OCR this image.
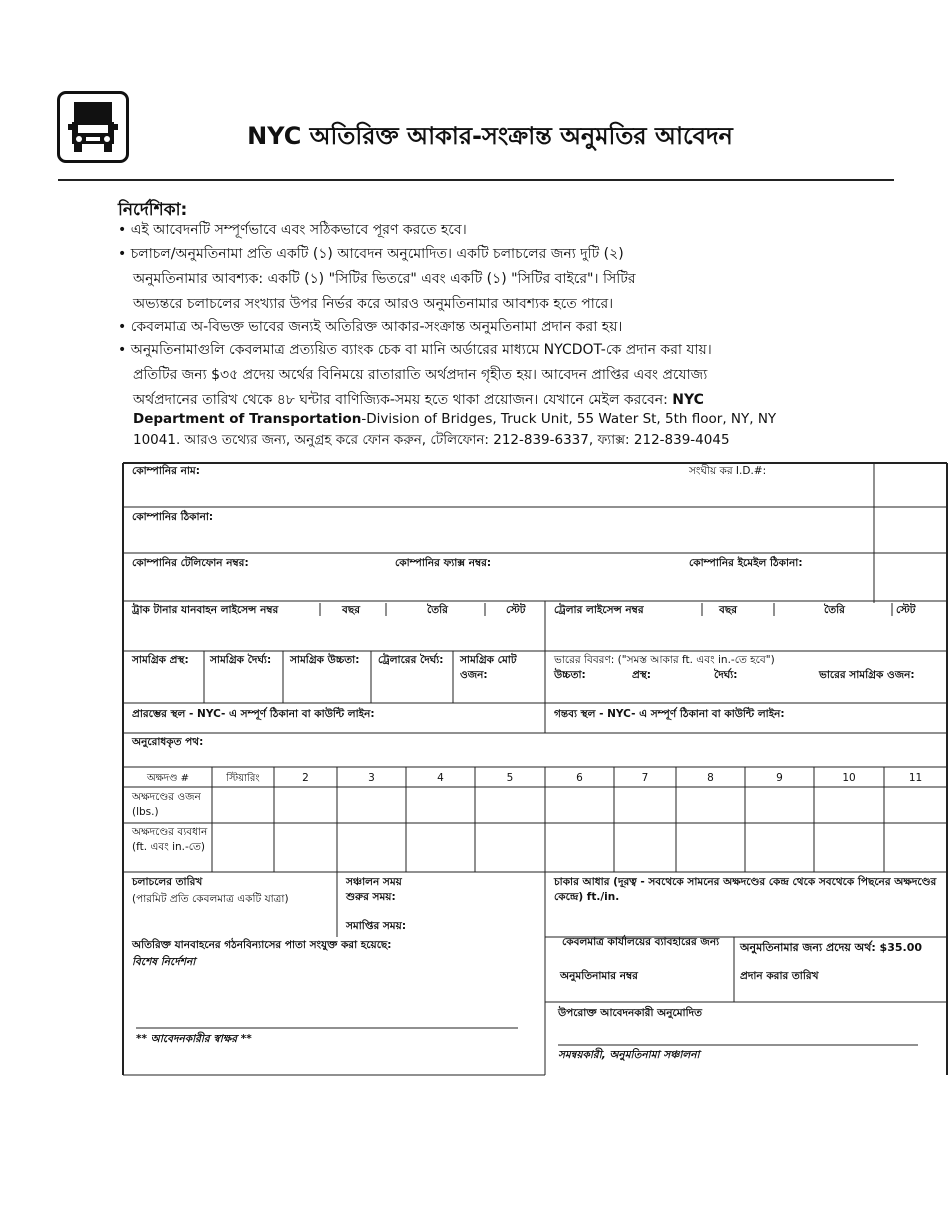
NYC অতিরিক্ত আকার-সংক্রান্ত অনুমতির আবেদন
নির্দেশিকা:
• এই আবেদনটি সম্পূর্ণভাবে এবং সঠিকভাবে পূরণ করতে হবে।
• চলাচল/অনুমতিনামা প্রতি একটি (১) আবেদন অনুমোদিত। একটি চলাচলের জন্য দুটি (২)
অনুমতিনামার আবশ্যক: একটি (১) "সিটির ভিতরে" এবং একটি (১) "সিটির বাইরে"। সিটির
অভ্যন্তরে চলাচলের সংখ্যার উপর নির্ভর করে আরও অনুমতিনামার আবশ্যক হতে পারে।
• কেবলমাত্র অ-বিভক্ত ভাবের জন্যই অতিরিক্ত আকার-সংক্রান্ত অনুমতিনামা প্রদান করা হয়।
• অনুমতিনামাগুলি কেবলমাত্র প্রত্যয়িত ব্যাংক চেক বা মানি অর্ডারের মাধ্যমে NYCDOT-কে প্রদান করা যায়।
প্রতিটির জন্য $৩৫ প্রদেয় অর্থের বিনিময়ে রাতারাতি অর্থপ্রদান গৃহীত হয়। আবেদন প্রাপ্তির এবং প্রযোজ্য
অর্থপ্রদানের তারিখ থেকে ৪৮ ঘন্টার বাণিজ্যিক-সময় হতে থাকা প্রয়োজন। যেখানে মেইল করবেন: NYC
Department of Transportation-Division of Bridges, Truck Unit, 55 Water St, 5th floor, NY, NY
10041. আরও তথ্যের জন্য, অনুগ্রহ করে ফোন করুন, টেলিফোন: 212-839-6337, ফ্যাক্স: 212-839-4045
কোম্পানির নাম:	সংঘীয় কর I.D.#:
কোম্পানির ঠিকানা:
কোম্পানির টেলিফোন নম্বর:	কোম্পানির ফ্যাক্স নম্বর:	কোম্পানির ইমেইল ঠিকানা:
ট্রাক টানার যানবাহন লাইসেন্স নম্বর	বছর	তৈরি	স্টেট	ট্রেলার লাইসেন্স নম্বর	বছর	তৈরি	স্টেট
সামগ্রিক প্রস্থ:	সামগ্রিক দৈর্ঘ্য:	সামগ্রিক উচ্চতা:	ট্রেলারের দৈর্ঘ্য:	সামগ্রিক মোট ওজন:
ভারের বিবরণ: ("সমস্ত আকার ft. এবং in.-তে হবে")
উচ্চতা:	প্রস্থ:	দৈর্ঘ্য:	ভারের সামগ্রিক ওজন:
প্রারম্ভের স্থল - NYC- এ সম্পূর্ণ ঠিকানা বা কাউন্টি লাইন:	গন্তব্য স্থল - NYC- এ সম্পূর্ণ ঠিকানা বা কাউন্টি লাইন:
অনুরোধকৃত পথ:
অক্ষদণ্ড #	স্টিয়ারিং	2	3	4	5	6	7	8	9	10	11
অক্ষদণ্ডের ওজন (lbs.)
অক্ষদণ্ডের ব্যবধান (ft. এবং in.-তে)
চলাচলের তারিখ
(পারমিট প্রতি কেবলমাত্র একটি যাত্রা)
সঞ্চালন সময়
শুরুর সময়:
সমাপ্তির সময়:
চাকার আধার (দূরত্ব - সবথেকে সামনের অক্ষদণ্ডের কেন্দ্র থেকে সবথেকে পিছনের অক্ষদণ্ডের কেন্দ্রে) ft./in.
অতিরিক্ত যানবাহনের গঠনবিন্যাসের পাতা সংযুক্ত করা হয়েছে:
বিশেষ নির্দেশনা
কেবলমাত্র কার্যালয়ের ব্যাবহারের জন্য	অনুমতিনামার জন্য প্রদেয় অর্থ: $35.00
অনুমতিনামার নম্বর	প্রদান করার তারিখ
উপরোক্ত আবেদনকারী অনুমোদিত
** আবেদনকারীর স্বাক্ষর **
সমন্বয়কারী, অনুমতিনামা সঞ্চালনা
